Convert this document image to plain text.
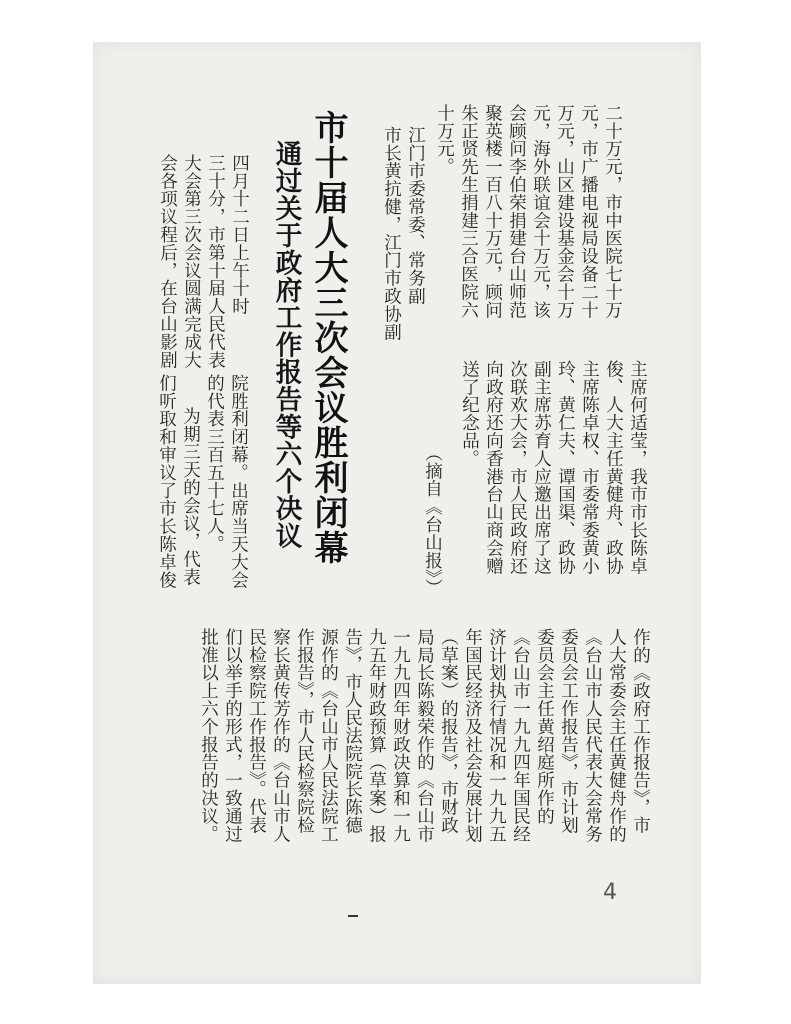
二十万元，市中医院七十万
元，市广播电视局设备二十
万元，山区建设基金会十万
元，海外联谊会十万元，该
会顾问李伯荣捐建台山师范
聚英楼一百八十万元，顾问
朱正贤先生捐建三合医院六
十万元。
市十届人大三次会议胜利闭幕
通过关于政府工作报告等六个决议	江门市委常委、常务副
市长黄抗健，江门市政协副
主席何适莹，我市市长陈卓
俊、人大主任黄健舟、政协
主席陈卓权、市委常委黄小
玲、黄仁夫、谭国渠、政协
副主席苏育人应邀出席了这
次联欢大会，市人民政府还
向政府还向香港台山商会赠
送了纪念品。
（摘自《台山报》）
四月十二日上午十时
三十分，市第十届人民代表
大会第三次会议圆满完成大
会各项议程后，在台山影剧
院胜利闭幕。出席当天大会
的代表三百五十七人。
为期三天的会议，代表
们听取和审议了市长陈卓俊
作的《政府工作报告》，市
人大常委会主任黄健舟作的
《台山市人民代表大会常务
委员会工作报告》，市计划
委员会主任黄绍庭所作的
《台山市一九九四年国民经
济计划执行情况和一九九五
年国民经济及社会发展计划
（草案）的报告》，市财政
局局长陈毅荣作的《台山市
一九九四年财政决算和一九
九五年财政预算（草案）报
告》，市人民法院院长陈德
源作的《台山市人民法院工
作报告》，市人民检察院检
察长黄传芳作的《台山市人
民检察院工作报告》。代表
们以举手的形式，一致通过
批准以上六个报告的决议。
4
